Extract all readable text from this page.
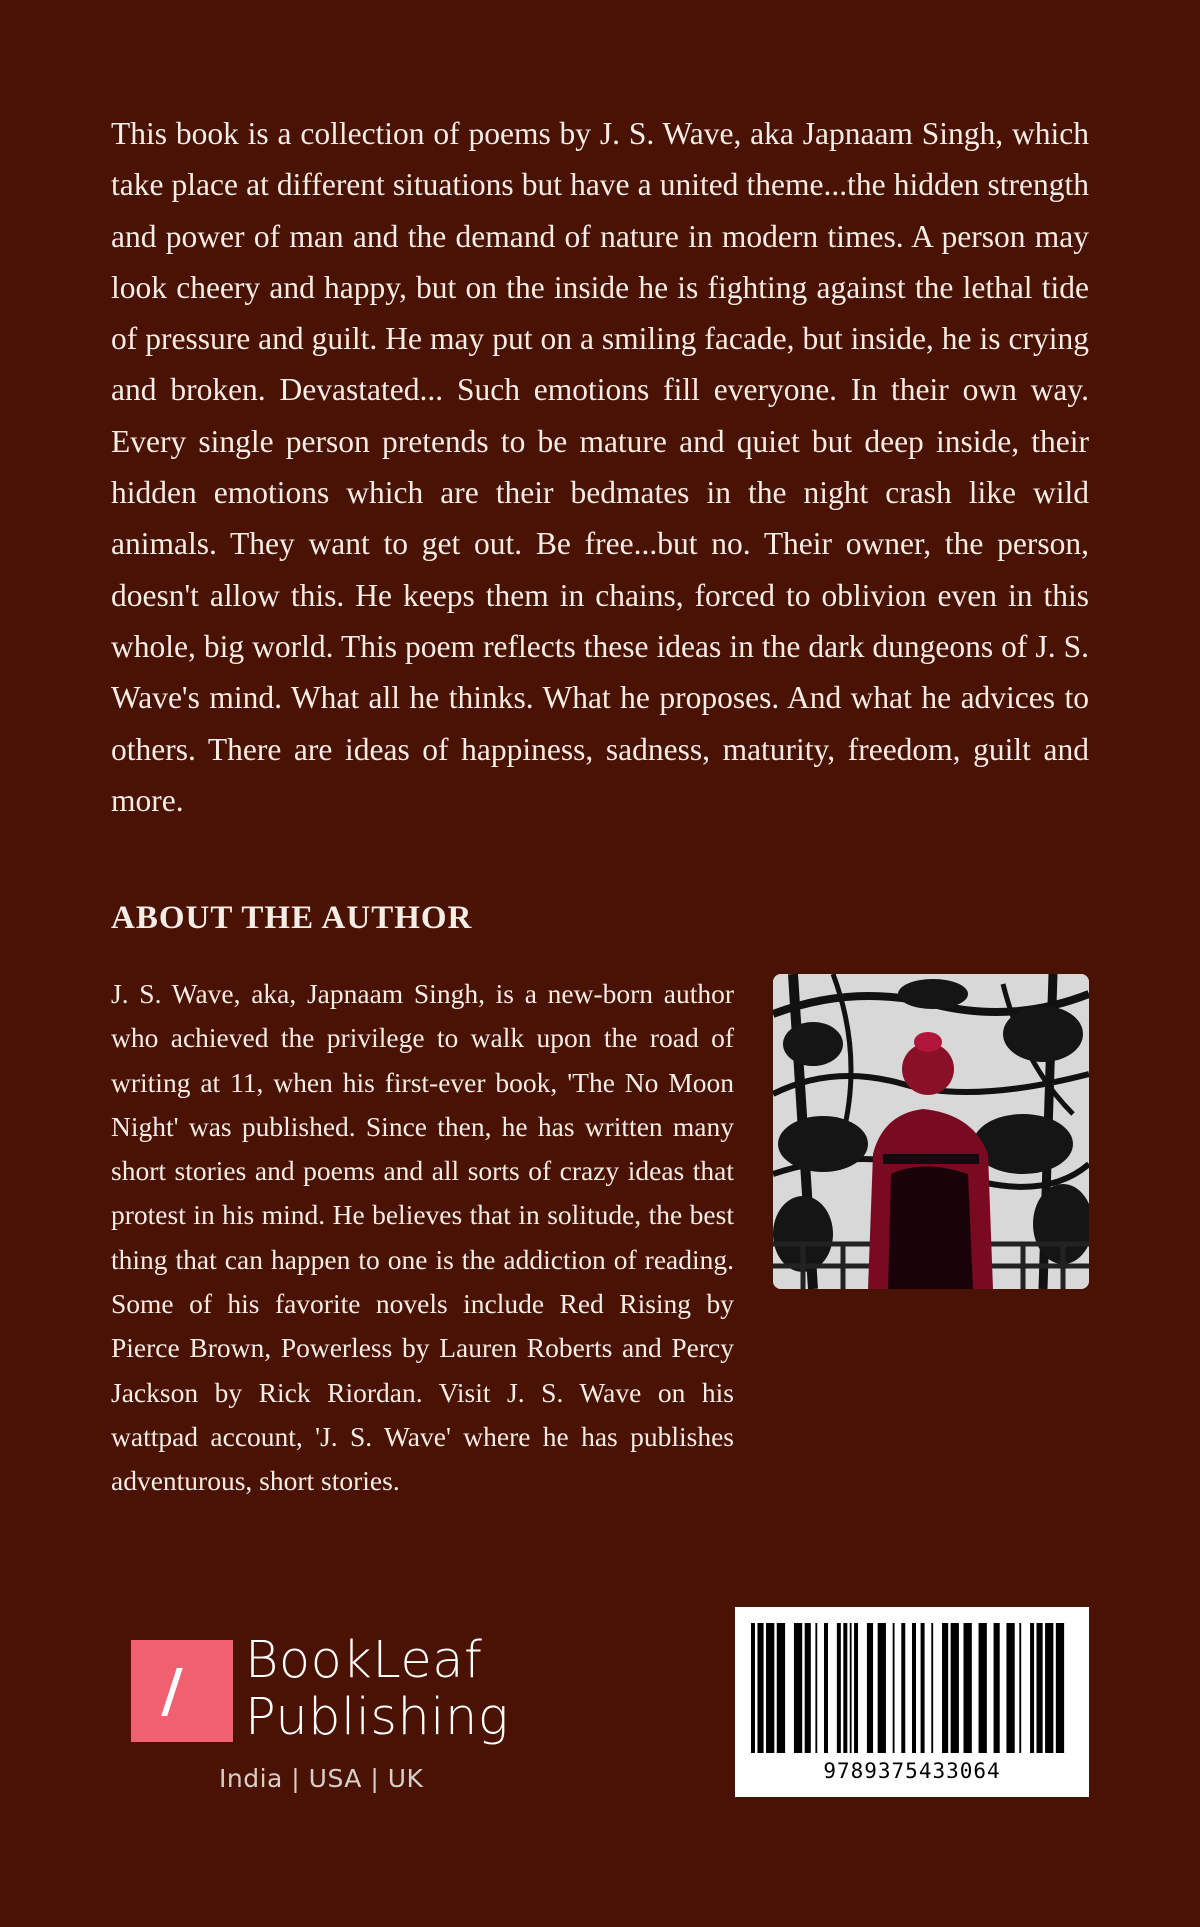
This book is a collection of poems by J. S. Wave, aka Japnaam Singh, which take place at different situations but have a united theme...the hidden strength and power of man and the demand of nature in modern times. A person may look cheery and happy, but on the inside he is fighting against the lethal tide of pressure and guilt. He may put on a smiling facade, but inside, he is crying and broken. Devastated... Such emotions fill everyone. In their own way. Every single person pretends to be mature and quiet but deep inside, their hidden emotions which are their bedmates in the night crash like wild animals. They want to get out. Be free...but no. Their owner, the person, doesn't allow this. He keeps them in chains, forced to oblivion even in this whole, big world. This poem reflects these ideas in the dark dungeons of J. S. Wave's mind. What all he thinks. What he proposes. And what he advices to others. There are ideas of happiness, sadness, maturity, freedom, guilt and more.

ABOUT THE AUTHOR

J. S. Wave, aka, Japnaam Singh, is a new-born author who achieved the privilege to walk upon the road of writing at 11, when his first-ever book, 'The No Moon Night' was published. Since then, he has written many short stories and poems and all sorts of crazy ideas that protest in his mind. He believes that in solitude, the best thing that can happen to one is the addiction of reading. Some of his favorite novels include Red Rising by Pierce Brown, Powerless by Lauren Roberts and Percy Jackson by Rick Riordan. Visit J. S. Wave on his wattpad account, 'J. S. Wave' where he has publishes adventurous, short stories.

BookLeaf
Publishing
India | USA | UK	9789375433064
